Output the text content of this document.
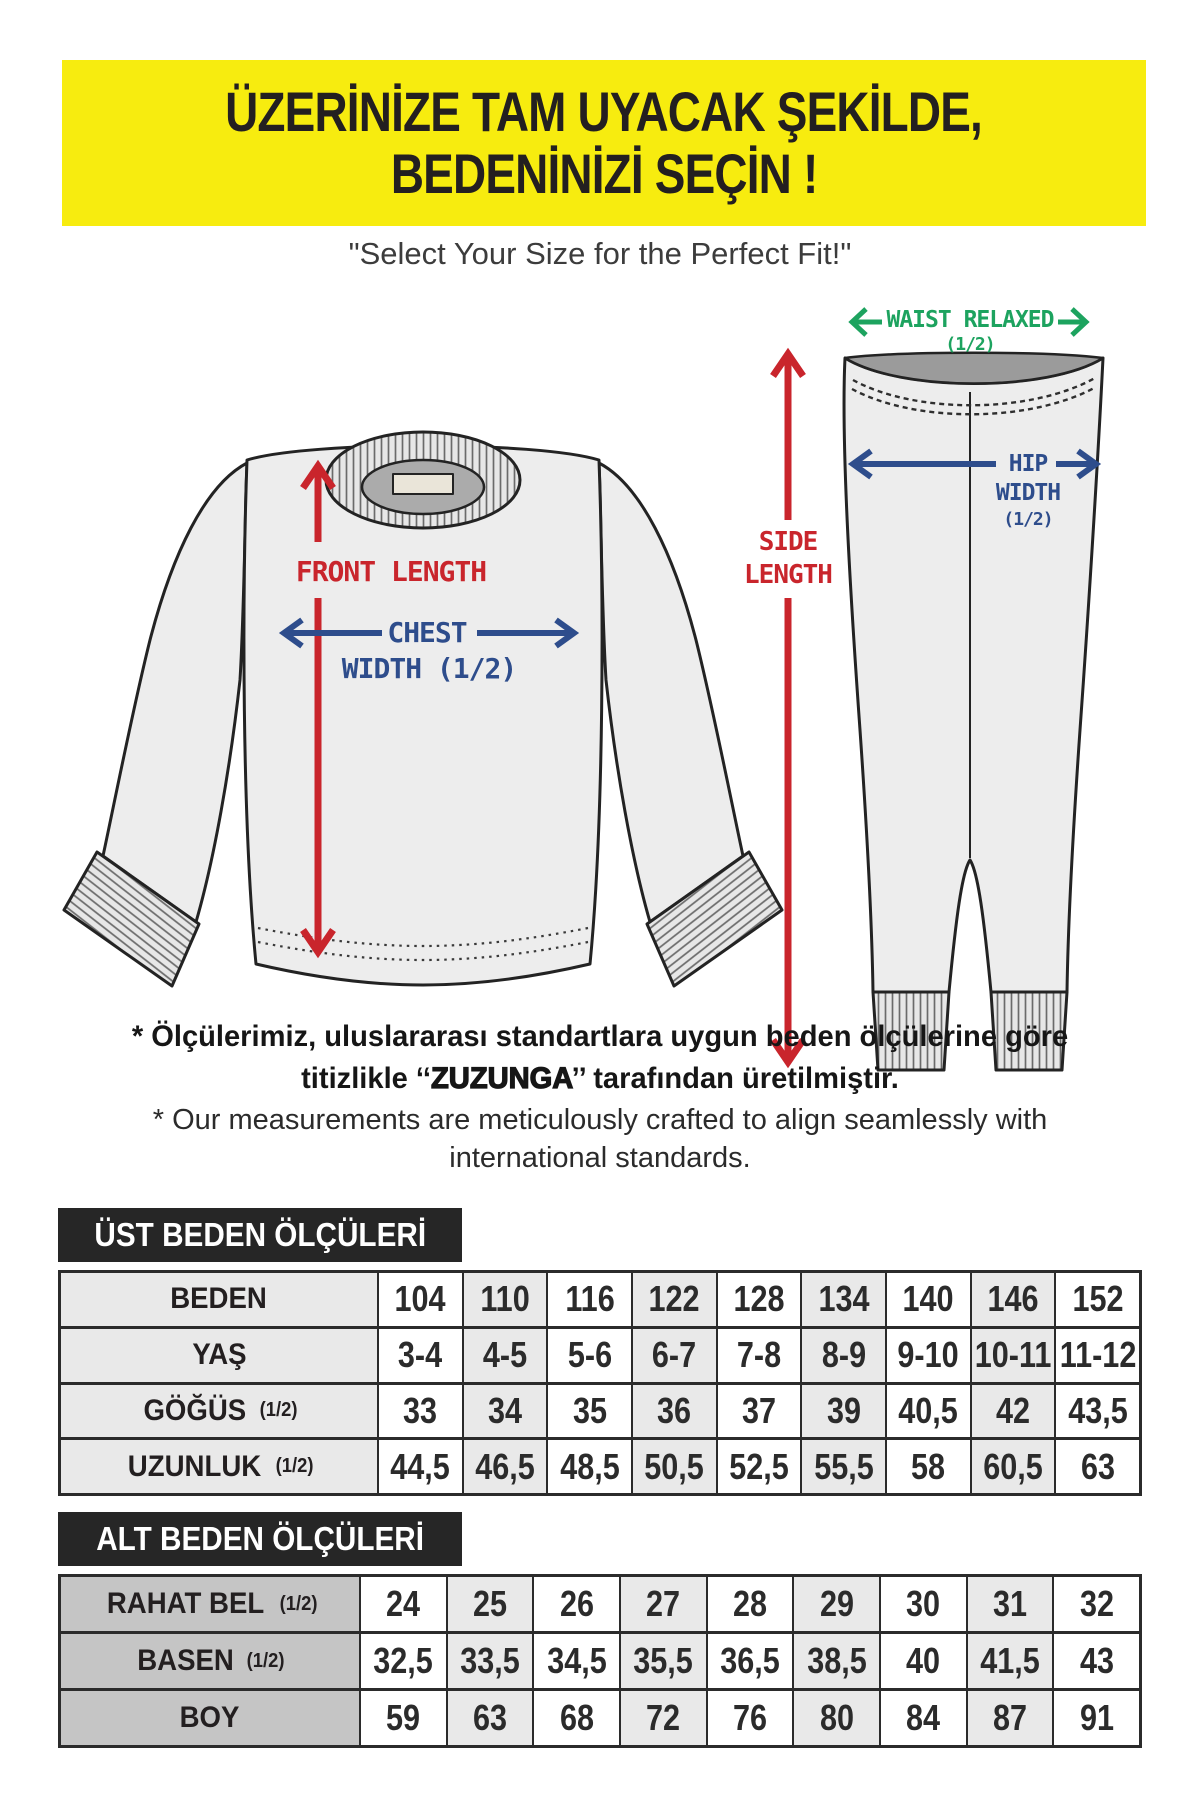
ÜZERİNİZE TAM UYACAK ŞEKİLDE,
BEDENİNİZİ SEÇİN !
"Select Your Size for the Perfect Fit!"
FRONT LENGTH
CHEST
WIDTH (1/2)
SIDE
LENGTH
WAIST RELAXED
(1/2)
HIP
WIDTH
(1/2)
* Ölçülerimiz, uluslararası standartlara uygun beden ölçülerine göre
titizlikle ‘‘ZUZUNGA’’ tarafından üretilmiştir.
* Our measurements are meticulously crafted to align seamlessly with
international standards.
ÜST BEDEN ÖLÇÜLERİ
BEDEN	104 110 116 122 128 134 140 146 152
YAŞ	3-4 4-5 5-6 6-7 7-8 8-9 9-10 10-11 11-12
GÖĞÜS (1/2)	33 34 35 36 37 39 40,5 42 43,5
UZUNLUK (1/2) 44,5 46,5 48,5 50,5 52,5 55,5 58 60,5 63
ALT BEDEN ÖLÇÜLERİ
RAHAT BEL (1/2) 24 25 26 27 28 29 30 31 32
BASEN (1/2) 32,5 33,5 34,5 35,5 36,5 38,5 40 41,5 43
BOY	59 63 68 72 76 80 84 87 91
